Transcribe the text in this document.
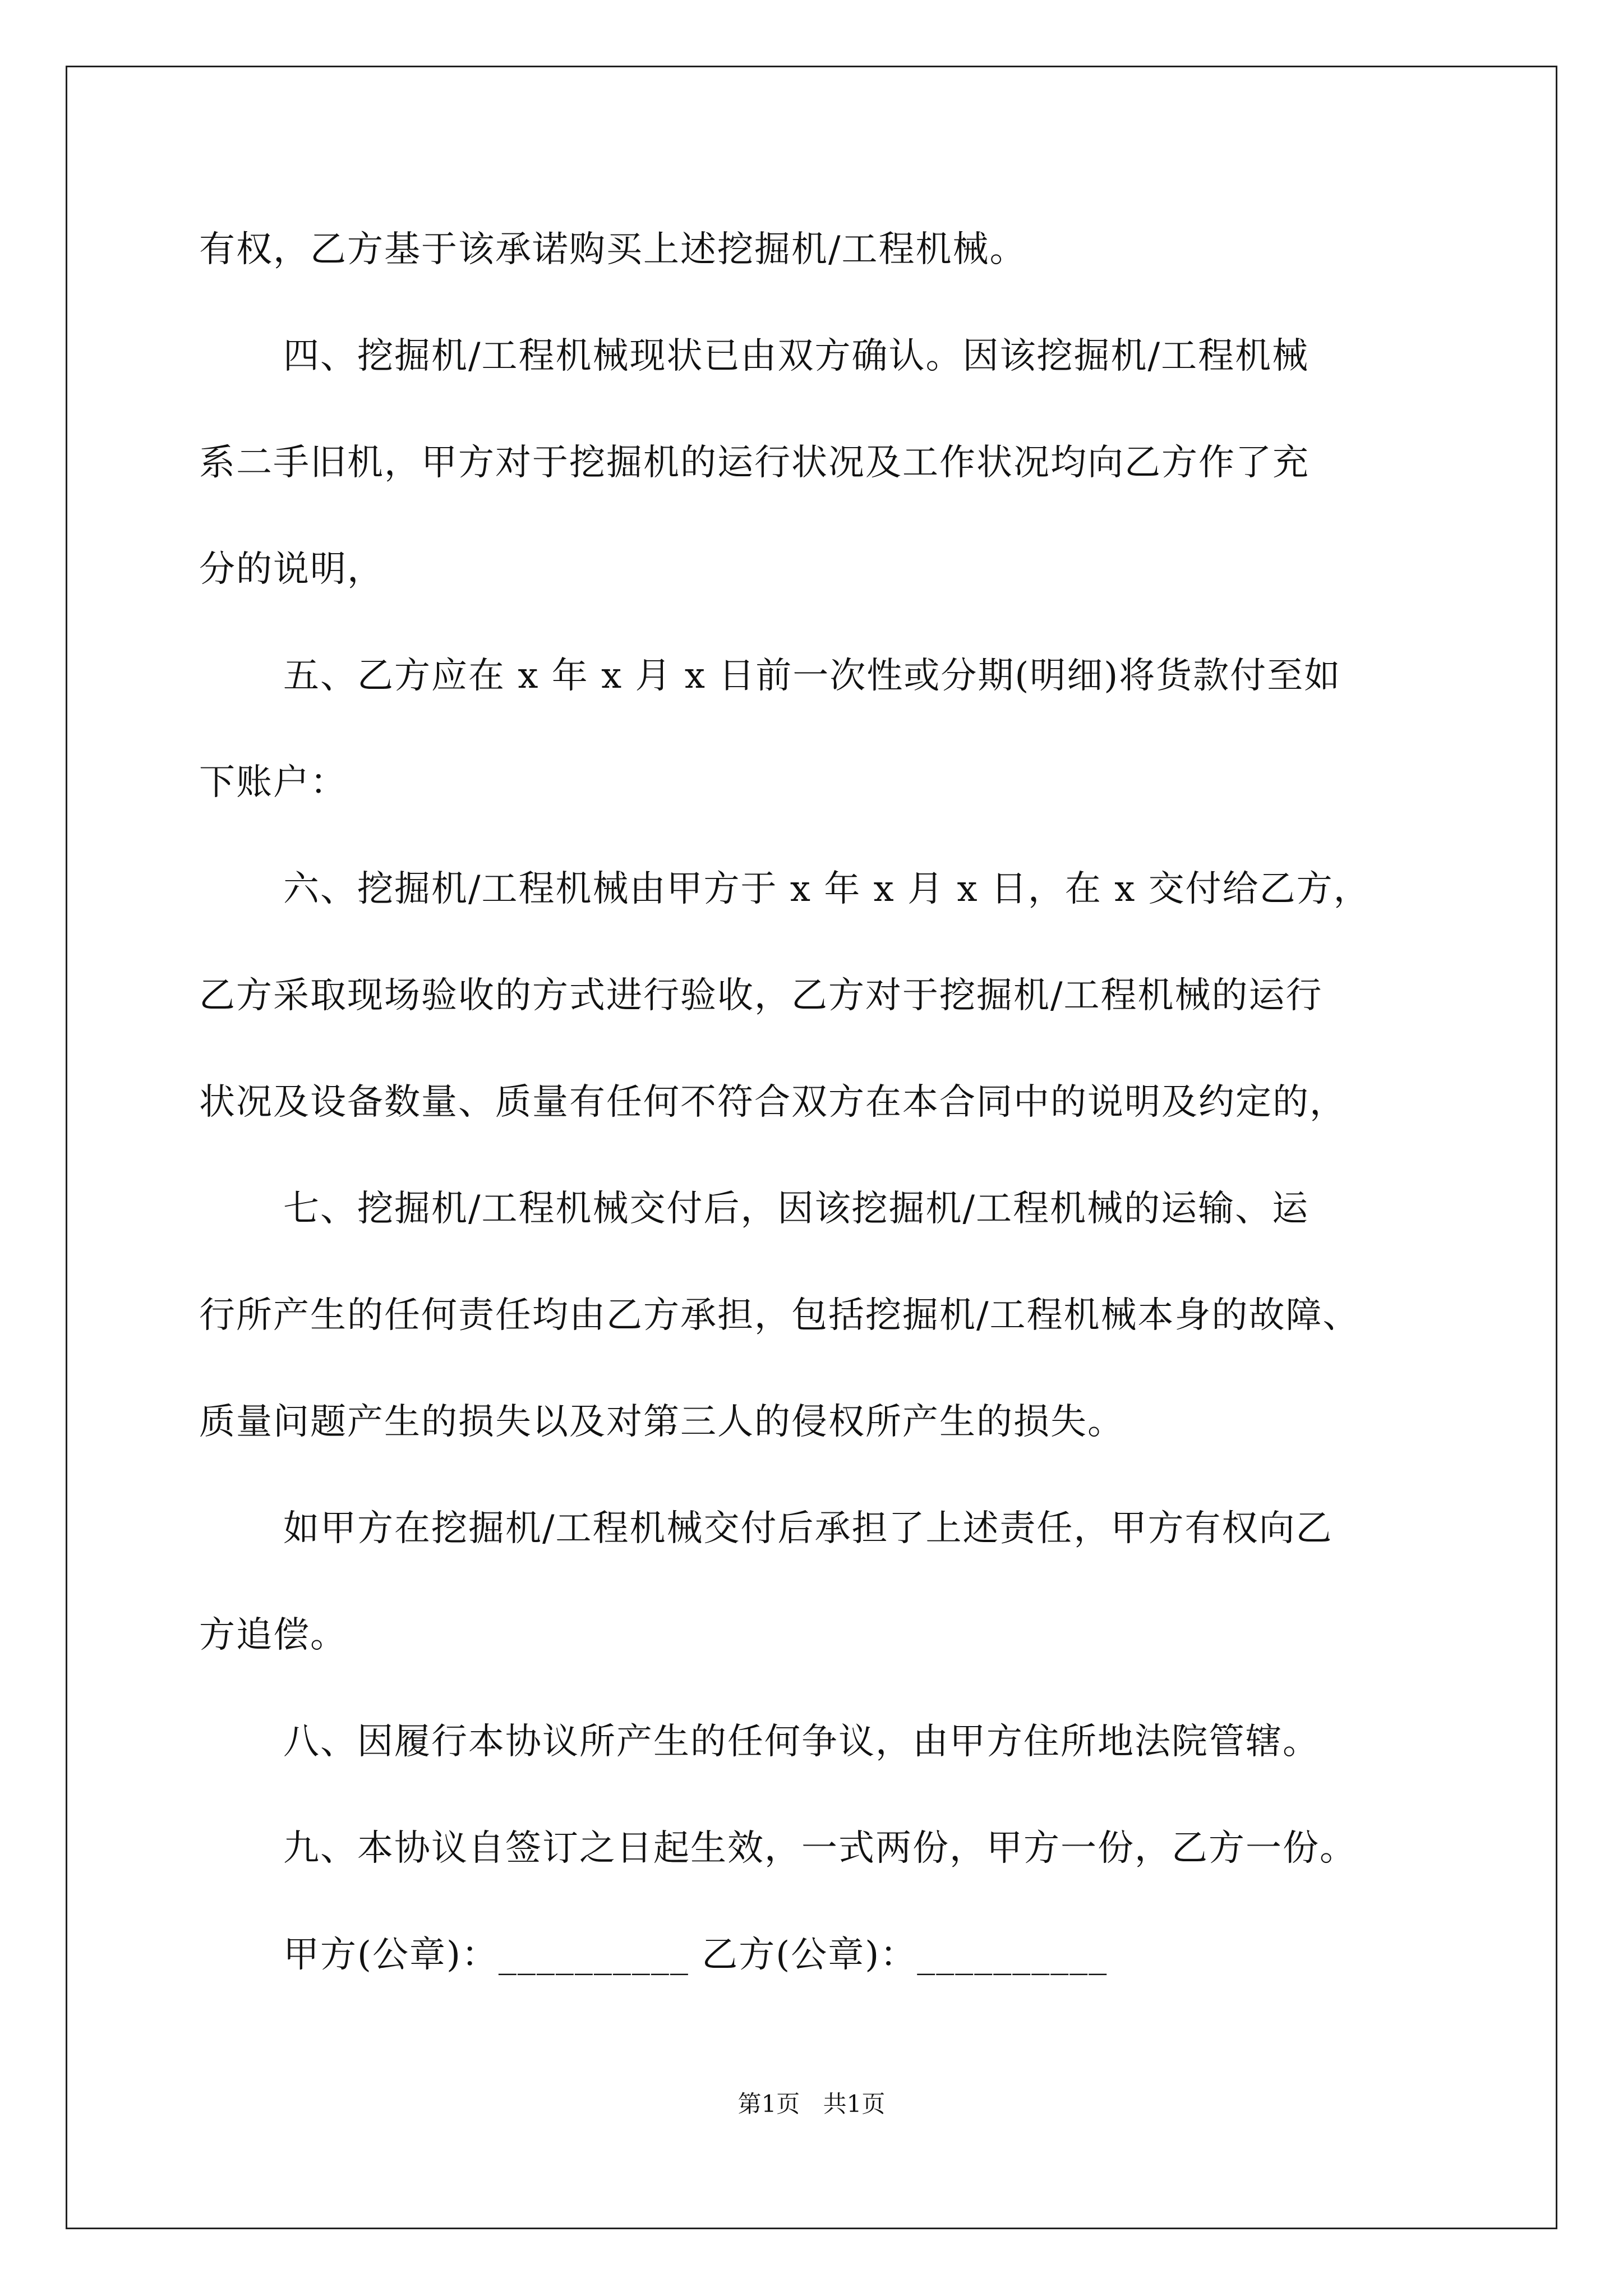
有权，乙方基于该承诺购买上述挖掘机/工程机械。
四、挖掘机/工程机械现状已由双方确认。因该挖掘机/工程机械
系二手旧机，甲方对于挖掘机的运行状况及工作状况均向乙方作了充
分的说明，
五、乙方应在 x 年 x 月 x 日前一次性或分期(明细)将货款付至如
下账户：
六、挖掘机/工程机械由甲方于 x 年 x 月 x 日，在 x 交付给乙方，
乙方采取现场验收的方式进行验收，乙方对于挖掘机/工程机械的运行
状况及设备数量、质量有任何不符合双方在本合同中的说明及约定的，
七、挖掘机/工程机械交付后，因该挖掘机/工程机械的运输、运
行所产生的任何责任均由乙方承担，包括挖掘机/工程机械本身的故障、
质量问题产生的损失以及对第三人的侵权所产生的损失。
如甲方在挖掘机/工程机械交付后承担了上述责任，甲方有权向乙
方追偿。
八、因履行本协议所产生的任何争议，由甲方住所地法院管辖。
九、本协议自签订之日起生效，一式两份，甲方一份，乙方一份。
甲方(公章)：__________ 乙方(公章)：__________
第1页 共1页
